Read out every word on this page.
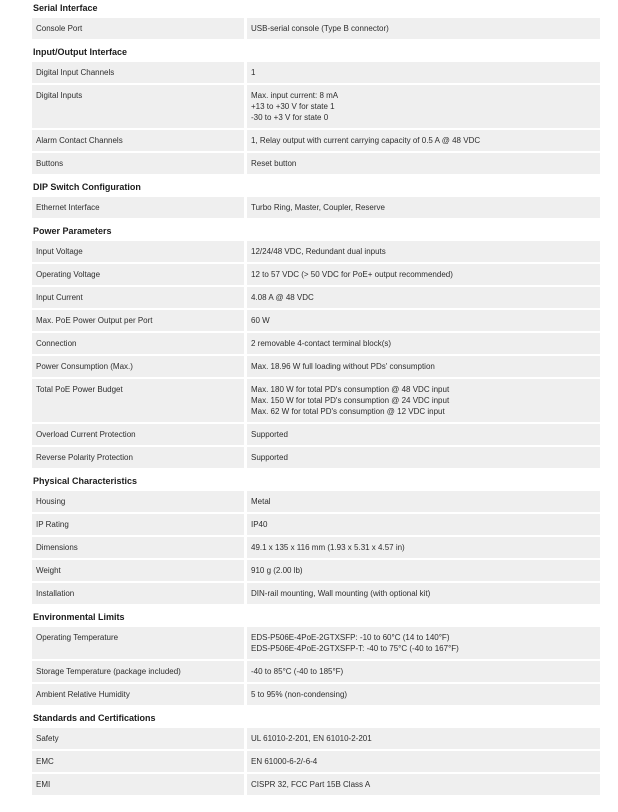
Serial Interface
Console Port	USB-serial console (Type B connector)
Input/Output Interface
Digital Input Channels	1
Digital Inputs	Max. input current: 8 mA
+13 to +30 V for state 1
-30 to +3 V for state 0
Alarm Contact Channels	1, Relay output with current carrying capacity of 0.5 A @ 48 VDC
Buttons	Reset button
DIP Switch Configuration
Ethernet Interface	Turbo Ring, Master, Coupler, Reserve
Power Parameters
Input Voltage	12/24/48 VDC, Redundant dual inputs
Operating Voltage	12 to 57 VDC (> 50 VDC for PoE+ output recommended)
Input Current	4.08 A @ 48 VDC
Max. PoE Power Output per Port	60 W
Connection	2 removable 4-contact terminal block(s)
Power Consumption (Max.)	Max. 18.96 W full loading without PDs' consumption
Total PoE Power Budget	Max. 180 W for total PD's consumption @ 48 VDC input
Max. 150 W for total PD's consumption @ 24 VDC input
Max. 62 W for total PD's consumption @ 12 VDC input
Overload Current Protection	Supported
Reverse Polarity Protection	Supported
Physical Characteristics
Housing	Metal
IP Rating	IP40
Dimensions	49.1 x 135 x 116 mm (1.93 x 5.31 x 4.57 in)
Weight	910 g (2.00 lb)
Installation	DIN-rail mounting, Wall mounting (with optional kit)
Environmental Limits
Operating Temperature	EDS-P506E-4PoE-2GTXSFP: -10 to 60°C (14 to 140°F)
EDS-P506E-4PoE-2GTXSFP-T: -40 to 75°C (-40 to 167°F)
Storage Temperature (package included)	-40 to 85°C (-40 to 185°F)
Ambient Relative Humidity	5 to 95% (non-condensing)
Standards and Certifications
Safety	UL 61010-2-201, EN 61010-2-201
EMC	EN 61000-6-2/-6-4
EMI	CISPR 32, FCC Part 15B Class A
